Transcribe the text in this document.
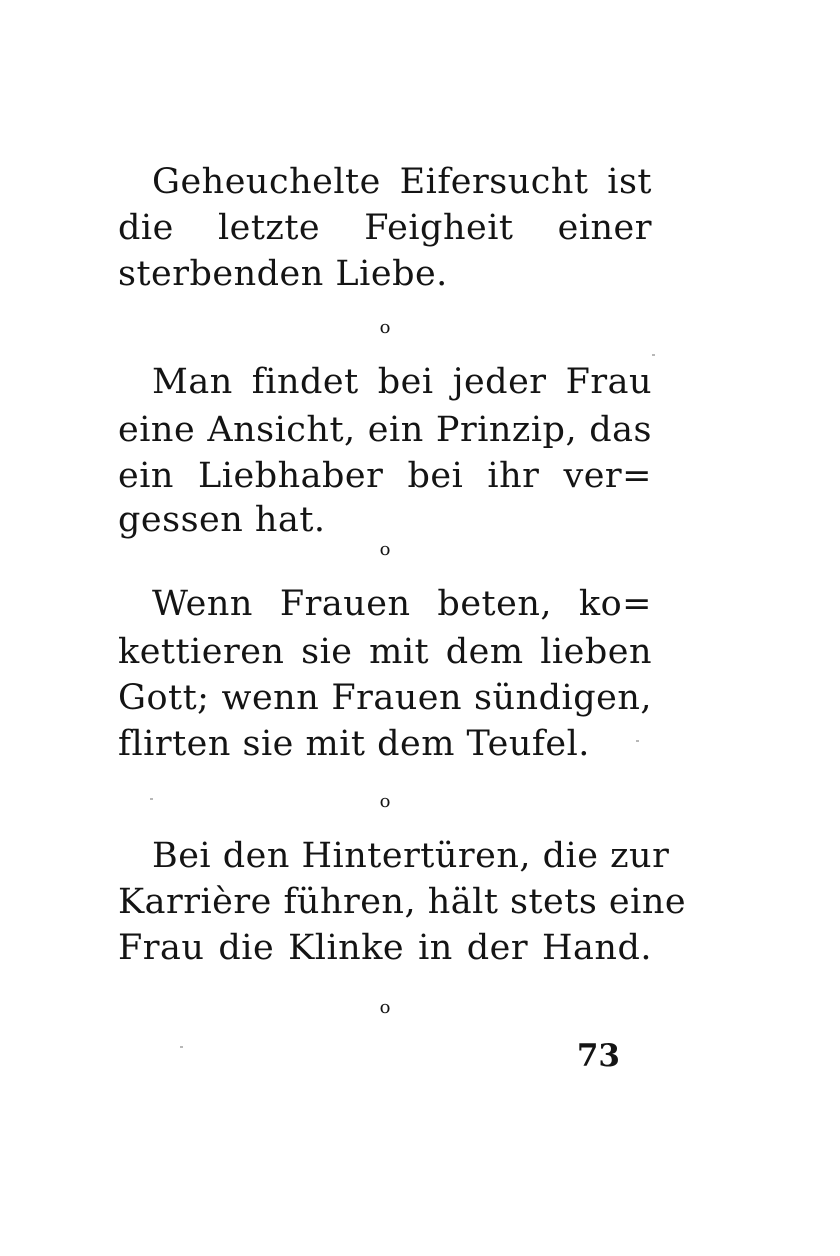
Geheuchelte Eifersucht ist
die letzte Feigheit einer
sterbenden Liebe.
o
Man findet bei jeder Frau
eine Ansicht, ein Prinzip, das
ein Liebhaber bei ihr ver=
gessen hat.
o
Wenn Frauen beten, ko=
kettieren sie mit dem lieben
Gott; wenn Frauen sündigen,
flirten sie mit dem Teufel.
o
Bei den Hintertüren, die zur
Karrière führen, hält stets eine
Frau die Klinke in der Hand.
o
73
